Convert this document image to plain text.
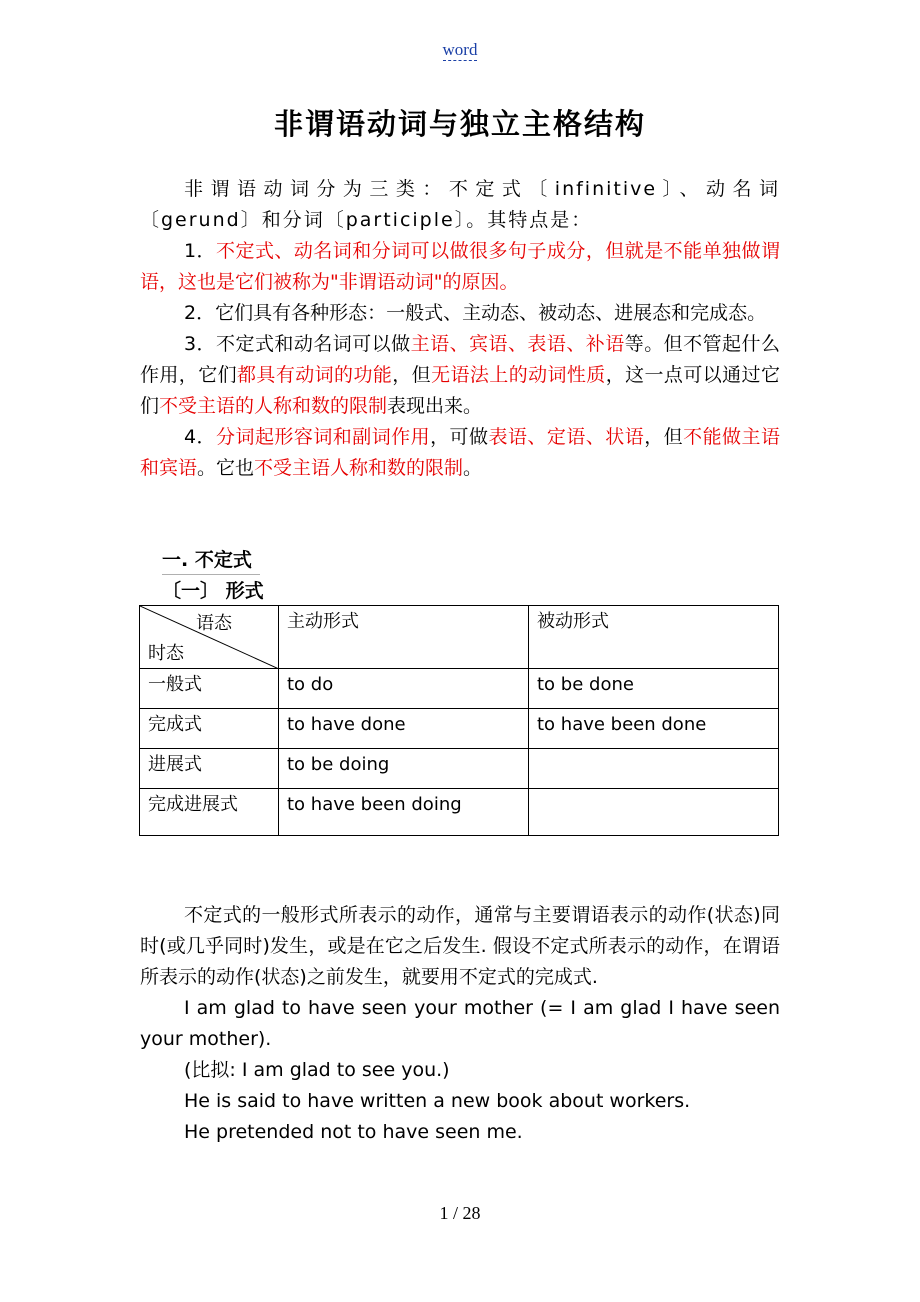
word
非谓语动词与独立主格结构

非谓语动词分为三类：不定式〔infinitive〕、动名词〔gerund〕和分词〔participle〕。其特点是：

1．不定式、动名词和分词可以做很多句子成分，但就是不能单独做谓语，这也是它们被称为"非谓语动词"的原因。

2．它们具有各种形态：一般式、主动态、被动态、进展态和完成态。

3．不定式和动名词可以做主语、宾语、表语、补语等。但不管起什么作用，它们都具有动词的功能，但无语法上的动词性质，这一点可以通过它们不受主语的人称和数的限制表现出来。

4．分词起形容词和副词作用，可做表语、定语、状语，但不能做主语和宾语。它也不受主语人称和数的限制。

一. 不定式
〔一〕 形式
语态
时态	主动形式	被动形式
一般式	to do	to be done
完成式	to have done	to have been done
进展式	to be doing	
完成进展式	to have been doing	

不定式的一般形式所表示的动作，通常与主要谓语表示的动作(状态)同时(或几乎同时)发生，或是在它之后发生. 假设不定式所表示的动作，在谓语所表示的动作(状态)之前发生，就要用不定式的完成式.

I am glad to have seen your mother (= I am glad I have seen your mother).

(比拟: I am glad to see you.)

He is said to have written a new book about workers.

He pretended not to have seen me.

1 / 28
